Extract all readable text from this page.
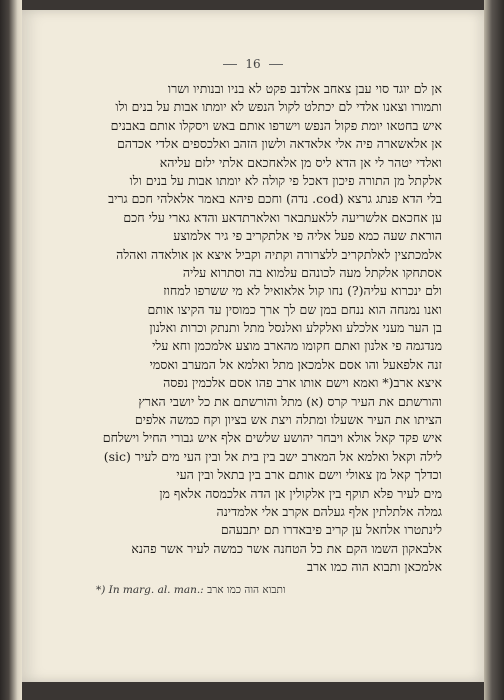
16
אן לם יוגד סוי עבן צאחב אלדנב פקט לא בניו ובנותיו ושרו
ותמורו וצאנו אלדי לם יכתלט לקול הנפש לא יומתו אבות על בנים ולו
איש בחטאו יומת פקול הנפש וישרפו אותם באש ויסקלו אותם באבנים
אן אלאשארה פיה אלי אלאדאה ולשון הזהב ואלכספים אלדי אכדהם
ואלדי יטהר לי אן הדא ליס מן אלאחכאם אלתי ילזם עליהא
אלקתל מן התורה פיכון דאכל פי קולה לא יומתו אבות על בנים ולו
בלי הדא פנתג גרצא (cod. נדה) וחכם פיהא באמר אלאלהי חכם גריב
ען אחכאם אלשריעה ללאעתבאר ואלארתדאע והדא גארי עלי חכם
הוראת שעה כמא פעל אליה פי אלתקריב פי גיר אלמוצע
אלמכתצין לאלתקריב ללצרורה וקתיה וקביל איצא אן אולאדה ואהלה
אסתחקו אלקתל מעה לכונהם עלמוא בה וסתרוא עליה
ולם ינכרוא עליה(?) נחו קול אלאואיל לא מי ששרפו למחוז
ואנו נמנחה הוא ננחם במן שם לך ארך כמוסין עד הקיצו אותם
בן הער מעני אלכלע ואלקלע ואלנסל מתל ותנתק וכרות ואלנון
מנדגמה פי אלנון ואתם חקומו מהארב מוצע אלמכמן וחא עלי
זנה אלפאעל והו אסם אלמכאן מתל ואלמא אל המערב ואסמי
איצא ארב(* ואמא וישם אותו ארב פהו אסם אלכמין נפסה
והורשתם את העיר קרס (א) מתל והורשתם את כל יושבי הארץ
הציתו את העיר אשעלו ומתלה ויצת אש בציון וקח כמשה אלפים
איש פקד קאל אולא ויבחר יהושע שלשים אלף איש גבורי החיל וישלחם
לילה וקאל ואלמא אל המארב ישב בין בית אל ובין העי מים לעיר (sic)
וכדלך קאל מן צאולי וישם אותם ארב בין בתאל ובין העי
מים לעיר פלא תוקף בין אלקולין אן הדה אלכמסה אלאף מן
גמלה אלתלתין אלף געלהם אקרב אלי אלמדינה
לינתטרו אלחאל ען קריב פיבאדרו תם יתבעהם
אלבאקון השמו הקם את כל הטחנה אשר כמשה לעיר אשר פהנא
אלמכאן ותבוא הוה כמו ארב
*) In marg. al. man.: ותבוא הוה כמו ארב
